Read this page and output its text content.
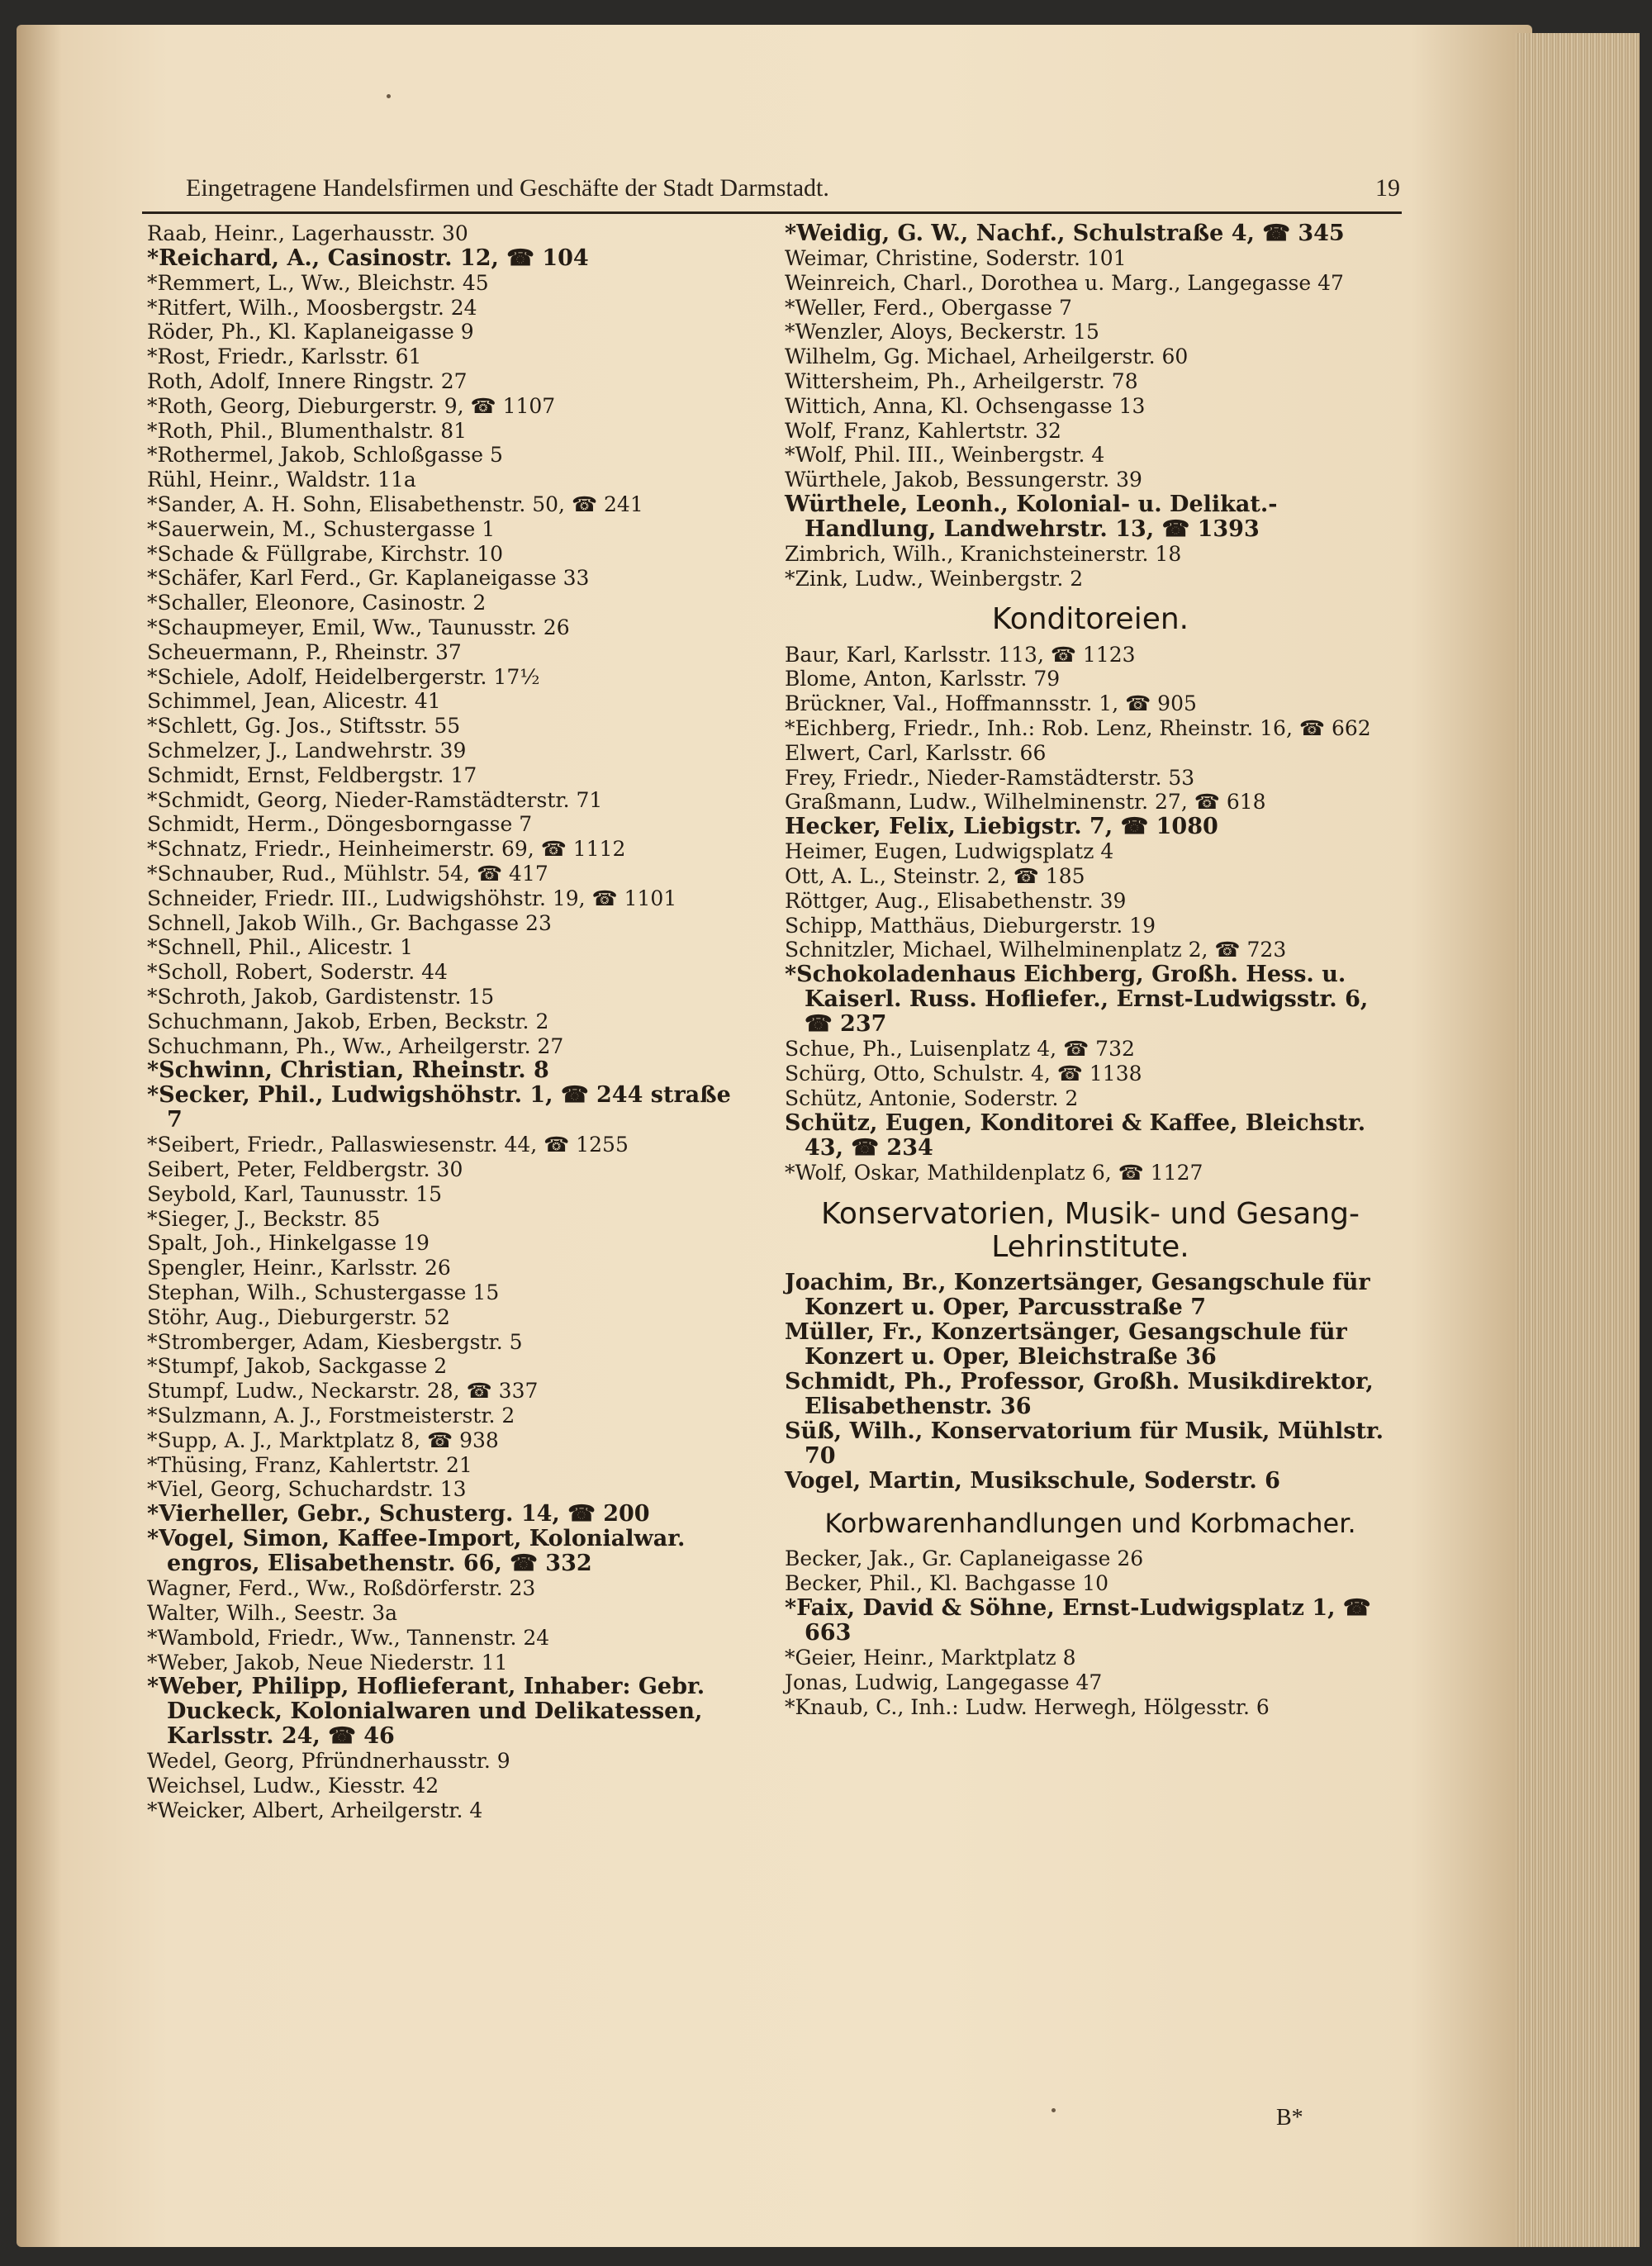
Eingetragene Handelsfirmen und Geschäfte der Stadt Darmstadt.	19
Raab, Heinr., Lagerhausstr. 30
*Reichard, A., Casinostr. 12, ☎ 104
*Remmert, L., Ww., Bleichstr. 45
*Ritfert, Wilh., Moosbergstr. 24
Röder, Ph., Kl. Kaplaneigasse 9
*Rost, Friedr., Karlsstr. 61
Roth, Adolf, Innere Ringstr. 27
*Roth, Georg, Dieburgerstr. 9, ☎ 1107
*Roth, Phil., Blumenthalstr. 81
*Rothermel, Jakob, Schloßgasse 5
Rühl, Heinr., Waldstr. 11a
*Sander, A. H. Sohn, Elisabethenstr. 50, ☎ 241
*Sauerwein, M., Schustergasse 1
*Schade & Füllgrabe, Kirchstr. 10
*Schäfer, Karl Ferd., Gr. Kaplaneigasse 33
*Schaller, Eleonore, Casinostr. 2
*Schaupmeyer, Emil, Ww., Taunusstr. 26
Scheuermann, P., Rheinstr. 37
*Schiele, Adolf, Heidelbergerstr. 17½
Schimmel, Jean, Alicestr. 41
*Schlett, Gg. Jos., Stiftsstr. 55
Schmelzer, J., Landwehrstr. 39
Schmidt, Ernst, Feldbergstr. 17
*Schmidt, Georg, Nieder-Ramstädterstr. 71
Schmidt, Herm., Döngesborngasse 7
*Schnatz, Friedr., Heinheimerstr. 69, ☎ 1112
*Schnauber, Rud., Mühlstr. 54, ☎ 417
Schneider, Friedr. III., Ludwigshöhstr. 19, ☎ 1101
Schnell, Jakob Wilh., Gr. Bachgasse 23
*Schnell, Phil., Alicestr. 1
*Scholl, Robert, Soderstr. 44
*Schroth, Jakob, Gardistenstr. 15
Schuchmann, Jakob, Erben, Beckstr. 2
Schuchmann, Ph., Ww., Arheilgerstr. 27
*Schwinn, Christian, Rheinstr. 8
*Secker, Phil., Ludwigshöhstr. 1, ☎ 244 straße 7
*Seibert, Friedr., Pallaswiesenstr. 44, ☎ 1255
Seibert, Peter, Feldbergstr. 30
Seybold, Karl, Taunusstr. 15
*Sieger, J., Beckstr. 85
Spalt, Joh., Hinkelgasse 19
Spengler, Heinr., Karlsstr. 26
Stephan, Wilh., Schustergasse 15
Stöhr, Aug., Dieburgerstr. 52
*Stromberger, Adam, Kiesbergstr. 5
*Stumpf, Jakob, Sackgasse 2
Stumpf, Ludw., Neckarstr. 28, ☎ 337
*Sulzmann, A. J., Forstmeisterstr. 2
*Supp, A. J., Marktplatz 8, ☎ 938
*Thüsing, Franz, Kahlertstr. 21
*Viel, Georg, Schuchardstr. 13
*Vierheller, Gebr., Schusterg. 14, ☎ 200
*Vogel, Simon, Kaffee-Import, Kolonialwar. engros, Elisabethenstr. 66, ☎ 332
Wagner, Ferd., Ww., Roßdörferstr. 23
Walter, Wilh., Seestr. 3a
*Wambold, Friedr., Ww., Tannenstr. 24
*Weber, Jakob, Neue Niederstr. 11
*Weber, Philipp, Hoflieferant, Inhaber: Gebr. Duckeck, Kolonialwaren und Delikatessen, Karlsstr. 24, ☎ 46
Wedel, Georg, Pfründnerhausstr. 9
Weichsel, Ludw., Kiesstr. 42
*Weicker, Albert, Arheilgerstr. 4
*Weidig, G. W., Nachf., Schulstraße 4, ☎ 345
Weimar, Christine, Soderstr. 101
Weinreich, Charl., Dorothea u. Marg., Langegasse 47
*Weller, Ferd., Obergasse 7
*Wenzler, Aloys, Beckerstr. 15
Wilhelm, Gg. Michael, Arheilgerstr. 60
Wittersheim, Ph., Arheilgerstr. 78
Wittich, Anna, Kl. Ochsengasse 13
Wolf, Franz, Kahlertstr. 32
*Wolf, Phil. III., Weinbergstr. 4
Würthele, Jakob, Bessungerstr. 39
Würthele, Leonh., Kolonial- u. Delikat.-Handlung, Landwehrstr. 13, ☎ 1393
Zimbrich, Wilh., Kranichsteinerstr. 18
*Zink, Ludw., Weinbergstr. 2
Konditoreien.
Baur, Karl, Karlsstr. 113, ☎ 1123
Blome, Anton, Karlsstr. 79
Brückner, Val., Hoffmannsstr. 1, ☎ 905
*Eichberg, Friedr., Inh.: Rob. Lenz, Rheinstr. 16, ☎ 662
Elwert, Carl, Karlsstr. 66
Frey, Friedr., Nieder-Ramstädterstr. 53
Graßmann, Ludw., Wilhelminenstr. 27, ☎ 618
Hecker, Felix, Liebigstr. 7, ☎ 1080
Heimer, Eugen, Ludwigsplatz 4
Ott, A. L., Steinstr. 2, ☎ 185
Röttger, Aug., Elisabethenstr. 39
Schipp, Matthäus, Dieburgerstr. 19
Schnitzler, Michael, Wilhelminenplatz 2, ☎ 723
*Schokoladenhaus Eichberg, Großh. Hess. u. Kaiserl. Russ. Hofliefer., Ernst-Ludwigsstr. 6, ☎ 237
Schue, Ph., Luisenplatz 4, ☎ 732
Schürg, Otto, Schulstr. 4, ☎ 1138
Schütz, Antonie, Soderstr. 2
Schütz, Eugen, Konditorei & Kaffee, Bleichstr. 43, ☎ 234
*Wolf, Oskar, Mathildenplatz 6, ☎ 1127
Konservatorien, Musik- und Gesang-Lehrinstitute.
Joachim, Br., Konzertsänger, Gesangschule für Konzert u. Oper, Parcusstraße 7
Müller, Fr., Konzertsänger, Gesangschule für Konzert u. Oper, Bleichstraße 36
Schmidt, Ph., Professor, Großh. Musikdirektor, Elisabethenstr. 36
Süß, Wilh., Konservatorium für Musik, Mühlstr. 70
Vogel, Martin, Musikschule, Soderstr. 6
Korbwarenhandlungen und Korbmacher.
Becker, Jak., Gr. Caplaneigasse 26
Becker, Phil., Kl. Bachgasse 10
*Faix, David & Söhne, Ernst-Ludwigsplatz 1, ☎ 663
*Geier, Heinr., Marktplatz 8
Jonas, Ludwig, Langegasse 47
*Knaub, C., Inh.: Ludw. Herwegh, Hölgesstr. 6
B*
